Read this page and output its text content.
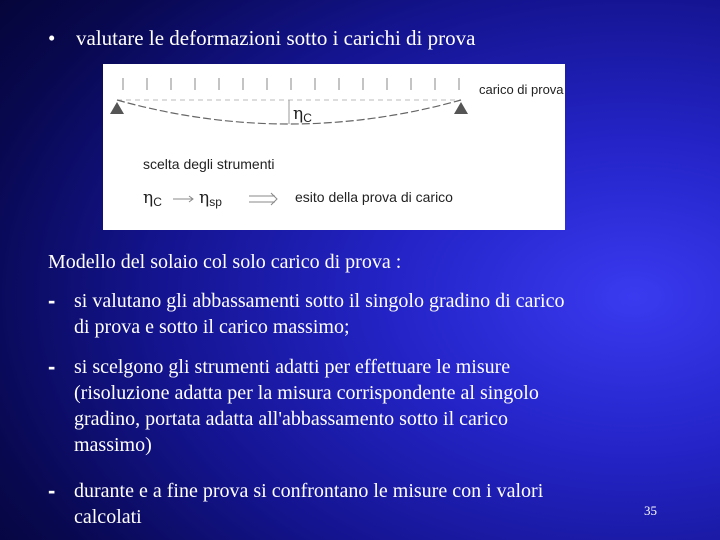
• valutare le deformazioni sotto i carichi di prova
carico di prova
$\eta_C$
scelta degli strumenti
$\eta_C$ $\eta_{sp}$	esito della prova di carico
Modello del solaio col solo carico di prova :
- si valutano gli abbassamenti sotto il singolo gradino di carico
di prova e sotto il carico massimo;
- si scelgono gli strumenti adatti per effettuare le misure
(risoluzione adatta per la misura corrispondente al singolo
gradino, portata adatta all'abbassamento sotto il carico
massimo)
- durante e a fine prova si confrontano le misure con i valori
calcolati	35
